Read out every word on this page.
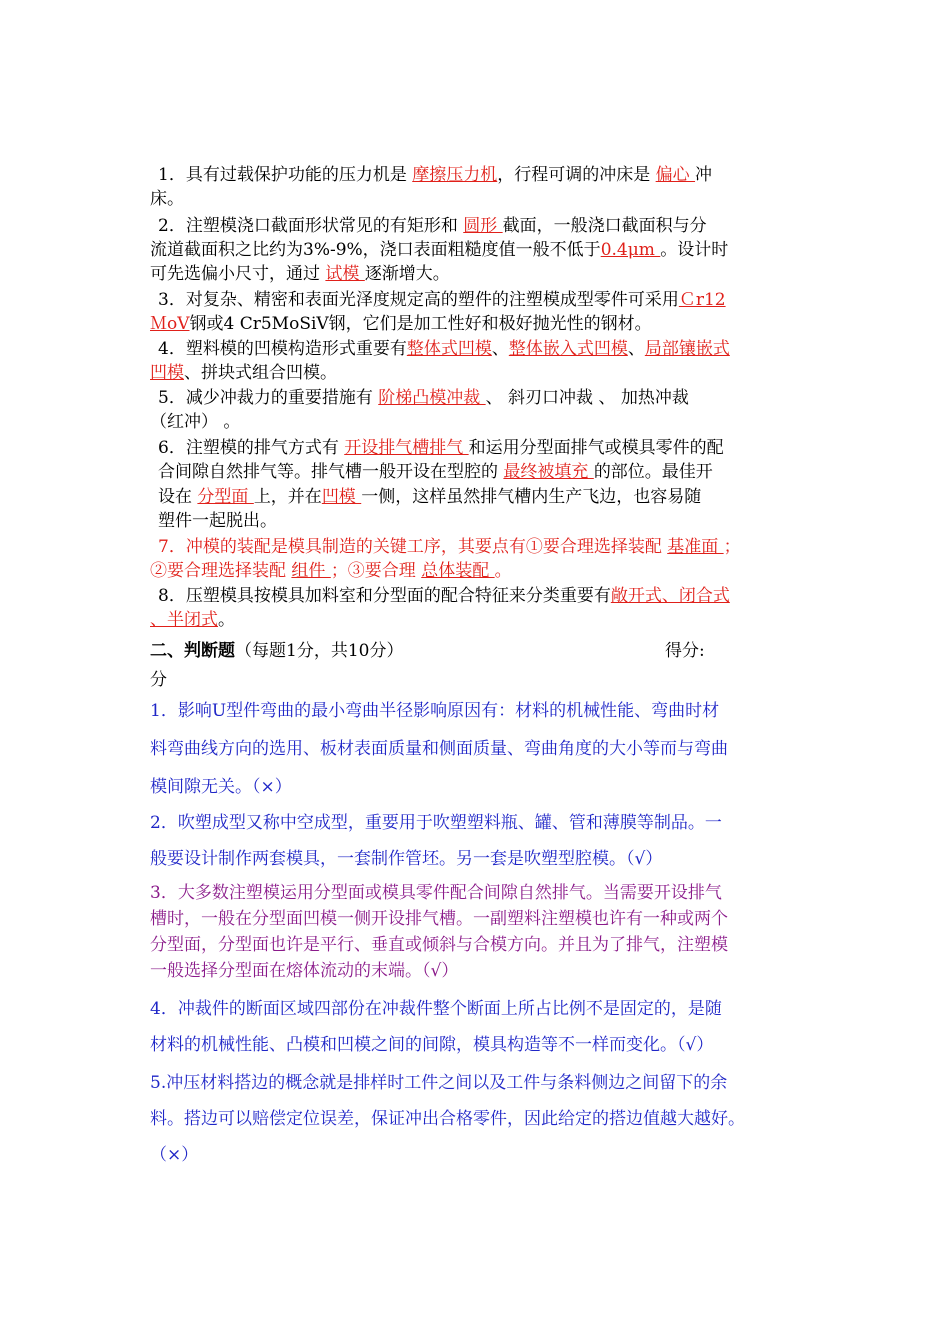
1．具有过载保护功能的压力机是 摩擦压力机，行程可调的冲床是 偏心 冲
床。
2．注塑模浇口截面形状常见的有矩形和 圆形 截面，一般浇口截面积与分
流道截面积之比约为3%-9%，浇口表面粗糙度值一般不低于0.4μm 。设计时
可先选偏小尺寸，通过 试模 逐渐增大。
3．对复杂、精密和表面光泽度规定高的塑件的注塑模成型零件可采用Ｃr12
ＭoV钢或4 Cr5MoSiV钢，它们是加工性好和极好抛光性的钢材。
4．塑料模的凹模构造形式重要有整体式凹模、整体嵌入式凹模、局部镶嵌式
凹模、拼块式组合凹模。
5．减少冲裁力的重要措施有 阶梯凸模冲裁 、 斜刃口冲裁 、 加热冲裁
（红冲） 。
6．注塑模的排气方式有 开设排气槽排气 和运用分型面排气或模具零件的配
合间隙自然排气等。排气槽一般开设在型腔的 最终被填充 的部位。最佳开
设在 分型面 上，并在凹模 一侧，这样虽然排气槽内生产飞边，也容易随
塑件一起脱出。
7．冲模的装配是模具制造的关键工序，其要点有①要合理选择装配 基准面 ；
②要合理选择装配 组件 ；③要合理 总体装配 。
8．压塑模具按模具加料室和分型面的配合特征来分类重要有敞开式、闭合式
、半闭式。
二、判断题（每题1分，共10分）	得分:
分
1．影响U型件弯曲的最小弯曲半径影响原因有：材料的机械性能、弯曲时材
料弯曲线方向的选用、板材表面质量和侧面质量、弯曲角度的大小等而与弯曲
模间隙无关。（×）
2．吹塑成型又称中空成型，重要用于吹塑塑料瓶、罐、管和薄膜等制品。一
般要设计制作两套模具，一套制作管坯。另一套是吹塑型腔模。（√）
3．大多数注塑模运用分型面或模具零件配合间隙自然排气。当需要开设排气
槽时，一般在分型面凹模一侧开设排气槽。一副塑料注塑模也许有一种或两个
分型面，分型面也许是平行、垂直或倾斜与合模方向。并且为了排气，注塑模
一般选择分型面在熔体流动的末端。（√）
4．冲裁件的断面区域四部份在冲裁件整个断面上所占比例不是固定的，是随
材料的机械性能、凸模和凹模之间的间隙，模具构造等不一样而变化。（√）
5.冲压材料搭边的概念就是排样时工件之间以及工件与条料侧边之间留下的余
料。搭边可以赔偿定位误差，保证冲出合格零件，因此给定的搭边值越大越好。
（×）
